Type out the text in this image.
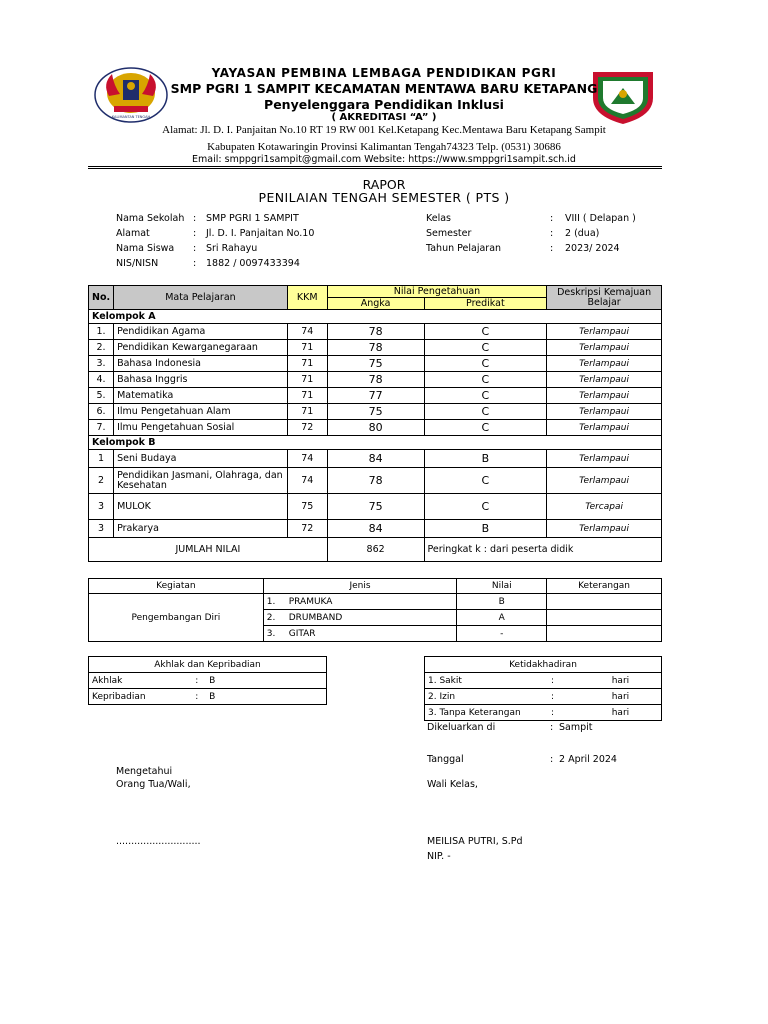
KALIMANTAN TENGAH
YAYASAN PEMBINA LEMBAGA PENDIDIKAN PGRI
SMP PGRI 1 SAMPIT KECAMATAN MENTAWA BARU KETAPANG
Penyelenggara Pendidikan Inklusi
( AKREDITASI “A” )
Alamat: Jl. D. I. Panjaitan No.10 RT 19 RW 001 Kel.Ketapang Kec.Mentawa Baru Ketapang Sampit
Kabupaten Kotawaringin Provinsi Kalimantan Tengah74323 Telp. (0531) 30686
Email: smppgri1sampit@gmail.com Website: https://www.smppgri1sampit.sch.id
RAPOR
PENILAIAN TENGAH SEMESTER ( PTS )
Nama Sekolah : SMP PGRI 1 SAMPIT
Alamat	: Jl. D. I. Panjaitan No.10
Nama Siswa : Sri Rahayu
NIS/NISN	: 1882 / 0097433394
Kelas	: VIII ( Delapan )
Semester	: 2 (dua)
Tahun Pelajaran	: 2023/ 2024
No.	Mata Pelajaran	KKM	Nilai Pengetahuan		Deskripsi Kemajuan Belajar
			Angka	Predikat	
Kelompok A					
1.	Pendidikan Agama	74	78	C	Terlampaui
2.	Pendidikan Kewarganegaraan	71	78	C	Terlampaui
3.	Bahasa Indonesia	71	75	C	Terlampaui
4.	Bahasa Inggris	71	78	C	Terlampaui
5.	Matematika	71	77	C	Terlampaui
6.	Ilmu Pengetahuan Alam	71	75	C	Terlampaui
7.	Ilmu Pengetahuan Sosial	72	80	C	Terlampaui
Kelompok B					
1	Seni Budaya	74	84	B	Terlampaui
2	Pendidikan Jasmani, Olahraga, dan Kesehatan	74	78	C	Terlampaui
3	MULOK	75	75	C	Tercapai
3	Prakarya	72	84	B	Terlampaui
JUMLAH NILAI			862	Peringkat k : dari peserta didik	
Kegiatan	Jenis	Nilai	Keterangan
Pengembangan Diri	1. PRAMUKA	B	
	2. DRUMBAND	A	
	3. GITAR	-	
Akhlak dan Kepribadian		
Akhlak	:	B
Kepribadian	:	B
Ketidakhadiran		
1. Sakit	:	hari
2. Izin	:	hari
3. Tanpa Keterangan	:	hari
Dikeluarkan di	: Sampit
Tanggal	: 2 April 2024
Mengetahui
Orang Tua/Wali,	Wali Kelas,
............................	MEILISA PUTRI, S.Pd
NIP. -
